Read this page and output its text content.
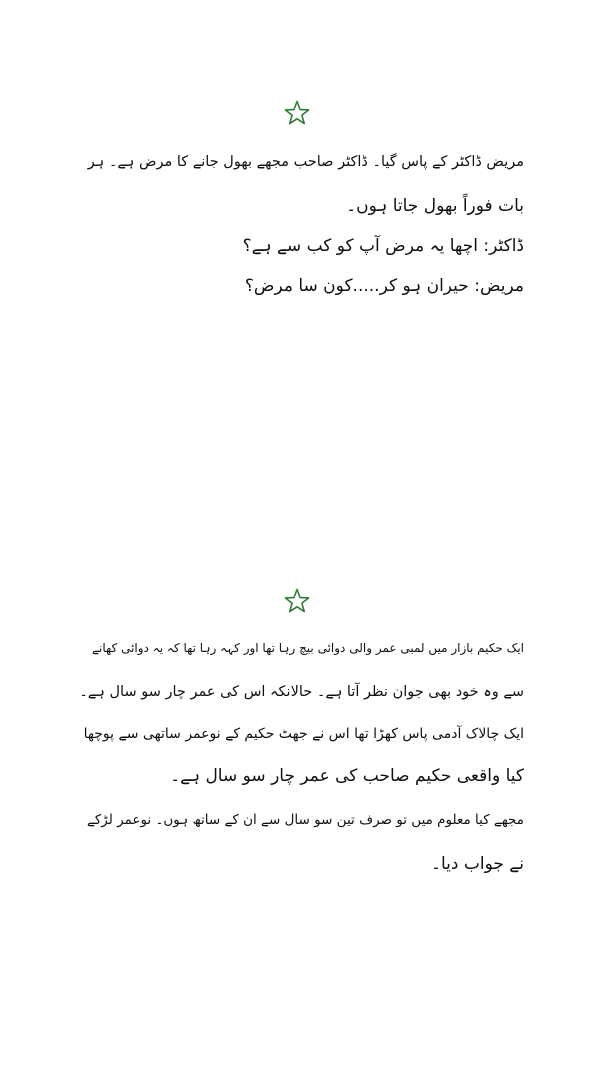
مریض ڈاکٹر کے پاس گیا۔ ڈاکٹر صاحب مجھے بھول جانے کا مرض ہے۔ ہر
بات فوراً بھول جاتا ہوں۔
ڈاکٹر: اچھا یہ مرض آپ کو کب سے ہے؟
مریض: حیران ہو کر.....کون سا مرض؟
ایک حکیم بازار میں لمبی عمر والی دوائی بیچ رہا تھا اور کہہ رہا تھا کہ یہ دوائی کھانے
سے وہ خود بھی جوان نظر آتا ہے۔ حالانکہ اس کی عمر چار سو سال ہے۔
ایک چالاک آدمی پاس کھڑا تھا اس نے جھٹ حکیم کے نوعمر ساتھی سے پوچھا
کیا واقعی حکیم صاحب کی عمر چار سو سال ہے۔
مجھے کیا معلوم میں تو صرف تین سو سال سے ان کے ساتھ ہوں۔ نوعمر لڑکے
نے جواب دیا۔
